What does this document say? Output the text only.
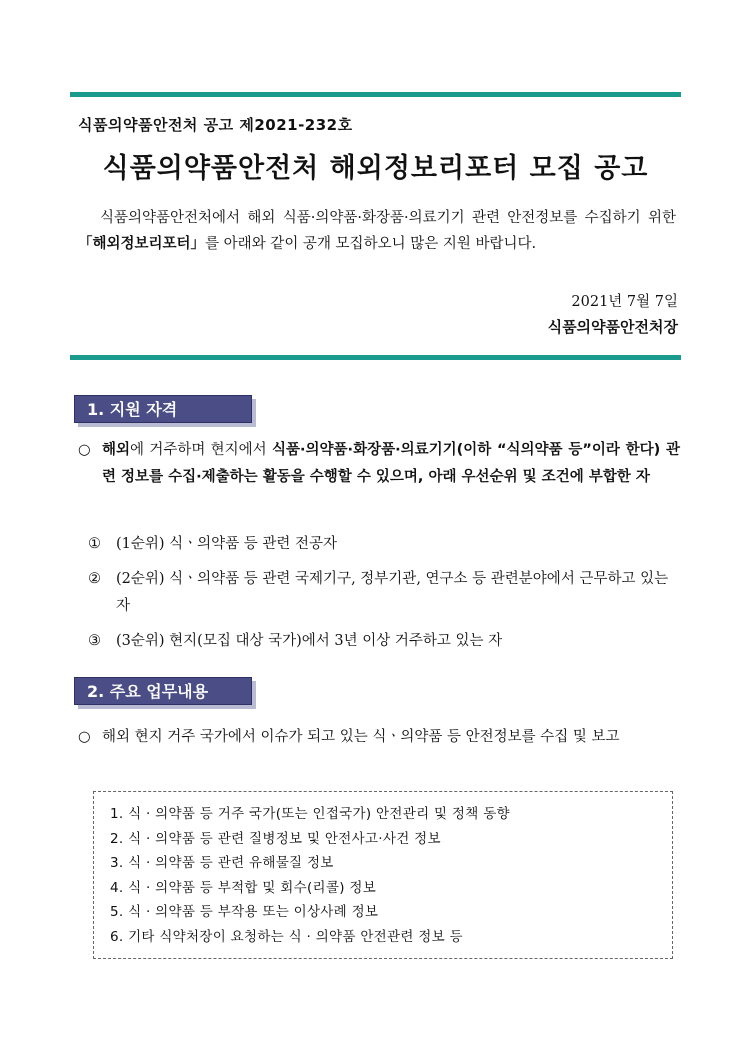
식품의약품안전처 공고 제2021-232호
식품의약품안전처 해외정보리포터 모집 공고
식품의약품안전처에서 해외 식품·의약품·화장품·의료기기 관련 안전정보를 수집하기 위한 「해외정보리포터」를 아래와 같이 공개 모집하오니 많은 지원 바랍니다.
2021년 7월 7일
식품의약품안전처장
1. 지원 자격
○ 해외에 거주하며 현지에서 식품·의약품·화장품·의료기기(이하 “식의약품 등”이라 한다) 관련 정보를 수집·제출하는 활동을 수행할 수 있으며, 아래 우선순위 및 조건에 부합한 자
① (1순위) 식ㆍ의약품 등 관련 전공자
② (2순위) 식ㆍ의약품 등 관련 국제기구, 정부기관, 연구소 등 관련분야에서 근무하고 있는 자
③ (3순위) 현지(모집 대상 국가)에서 3년 이상 거주하고 있는 자
2. 주요 업무내용
○ 해외 현지 거주 국가에서 이슈가 되고 있는 식ㆍ의약품 등 안전정보를 수집 및 보고
1. 식 · 의약품 등 거주 국가(또는 인접국가) 안전관리 및 정책 동향
2. 식 · 의약품 등 관련 질병정보 및 안전사고·사건 정보
3. 식 · 의약품 등 관련 유해물질 정보
4. 식 · 의약품 등 부적합 및 회수(리콜) 정보
5. 식 · 의약품 등 부작용 또는 이상사례 정보
6. 기타 식약처장이 요청하는 식 · 의약품 안전관련 정보 등
